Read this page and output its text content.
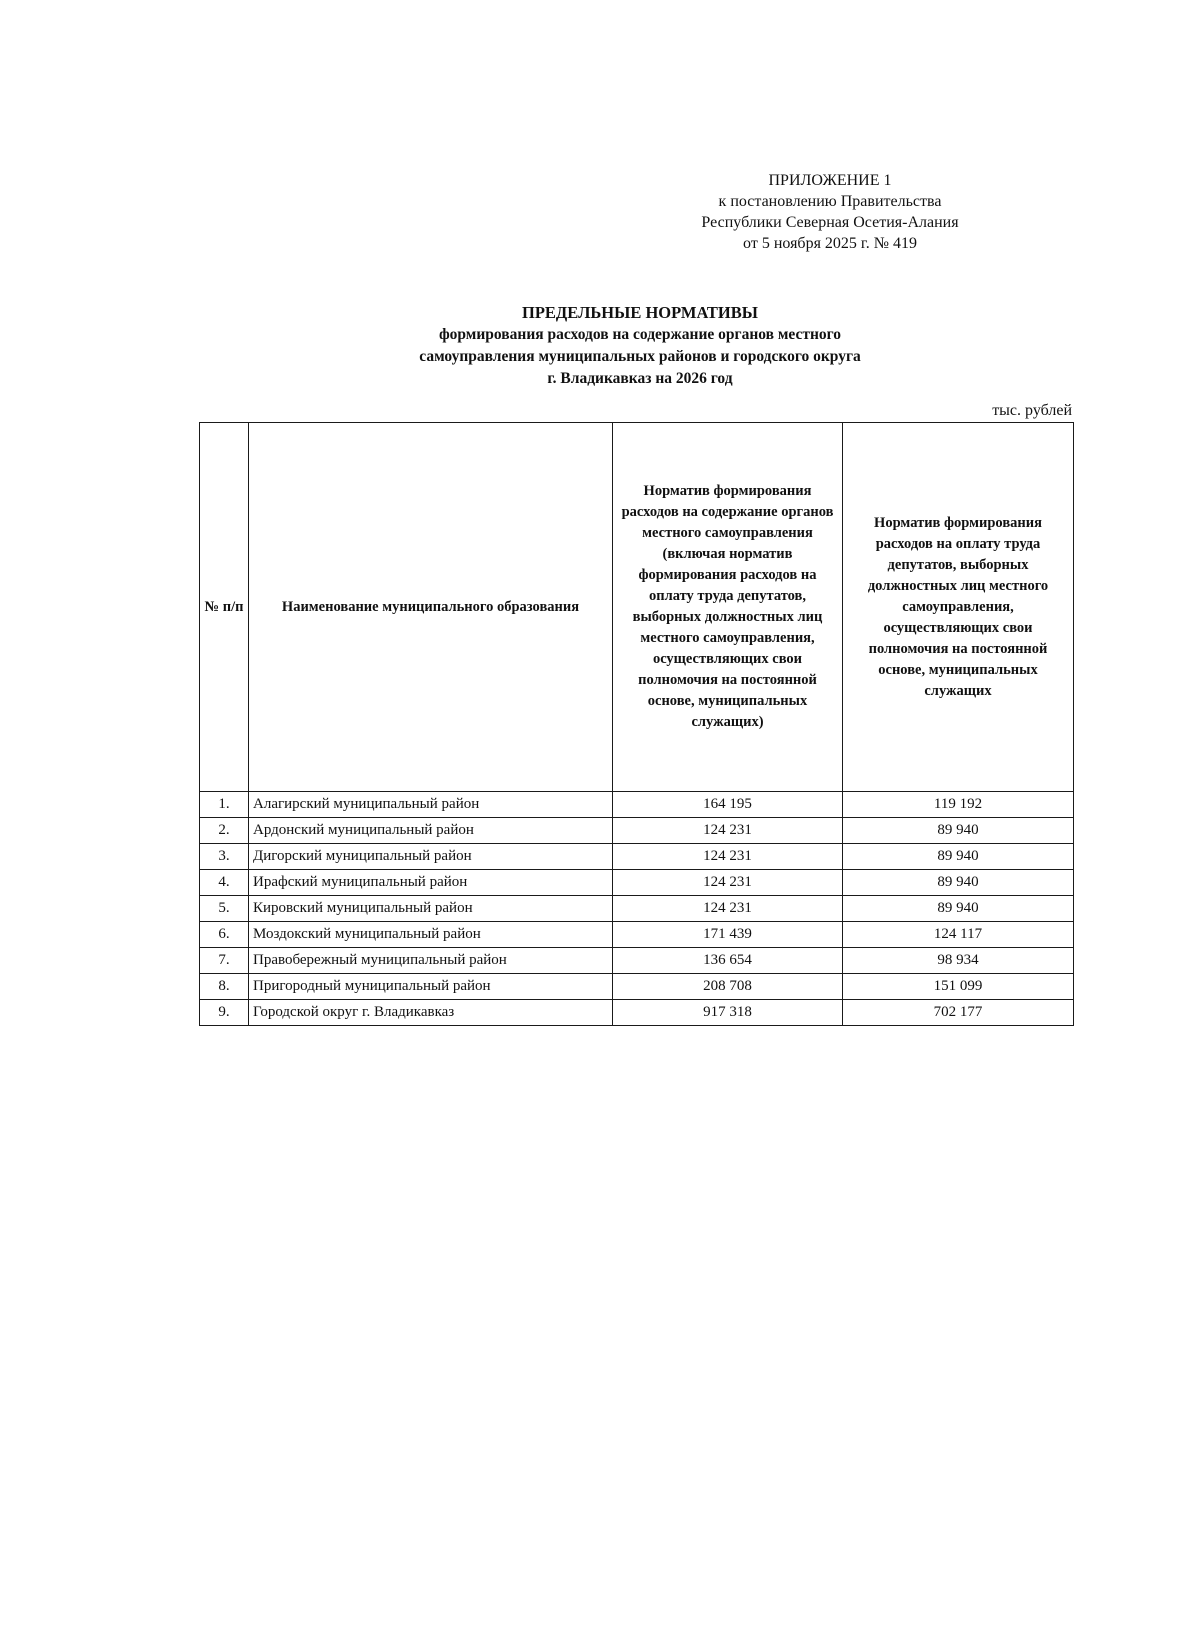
ПРИЛОЖЕНИЕ 1
к постановлению Правительства
Республики Северная Осетия-Алания
от 5 ноября 2025 г. № 419
ПРЕДЕЛЬНЫЕ НОРМАТИВЫ
формирования расходов на содержание органов местного
самоуправления муниципальных районов и городского округа
г. Владикавказ на 2026 год
тыс. рублей
№ п/п	Наименование муниципального образования	Норматив формирования расходов на содержание органов местного самоуправления (включая норматив формирования расходов на оплату труда депутатов, выборных должностных лиц местного самоуправления, осуществляющих свои полномочия на постоянной основе, муниципальных служащих)	Норматив формирования расходов на оплату труда депутатов, выборных должностных лиц местного самоуправления, осуществляющих свои полномочия на постоянной основе, муниципальных служащих
1.	Алагирский муниципальный район	164 195	119 192
2.	Ардонский муниципальный район	124 231	89 940
3.	Дигорский муниципальный район	124 231	89 940
4.	Ирафский муниципальный район	124 231	89 940
5.	Кировский муниципальный район	124 231	89 940
6.	Моздокский муниципальный район	171 439	124 117
7.	Правобережный муниципальный район	136 654	98 934
8.	Пригородный муниципальный район	208 708	151 099
9.	Городской округ г. Владикавказ	917 318	702 177
